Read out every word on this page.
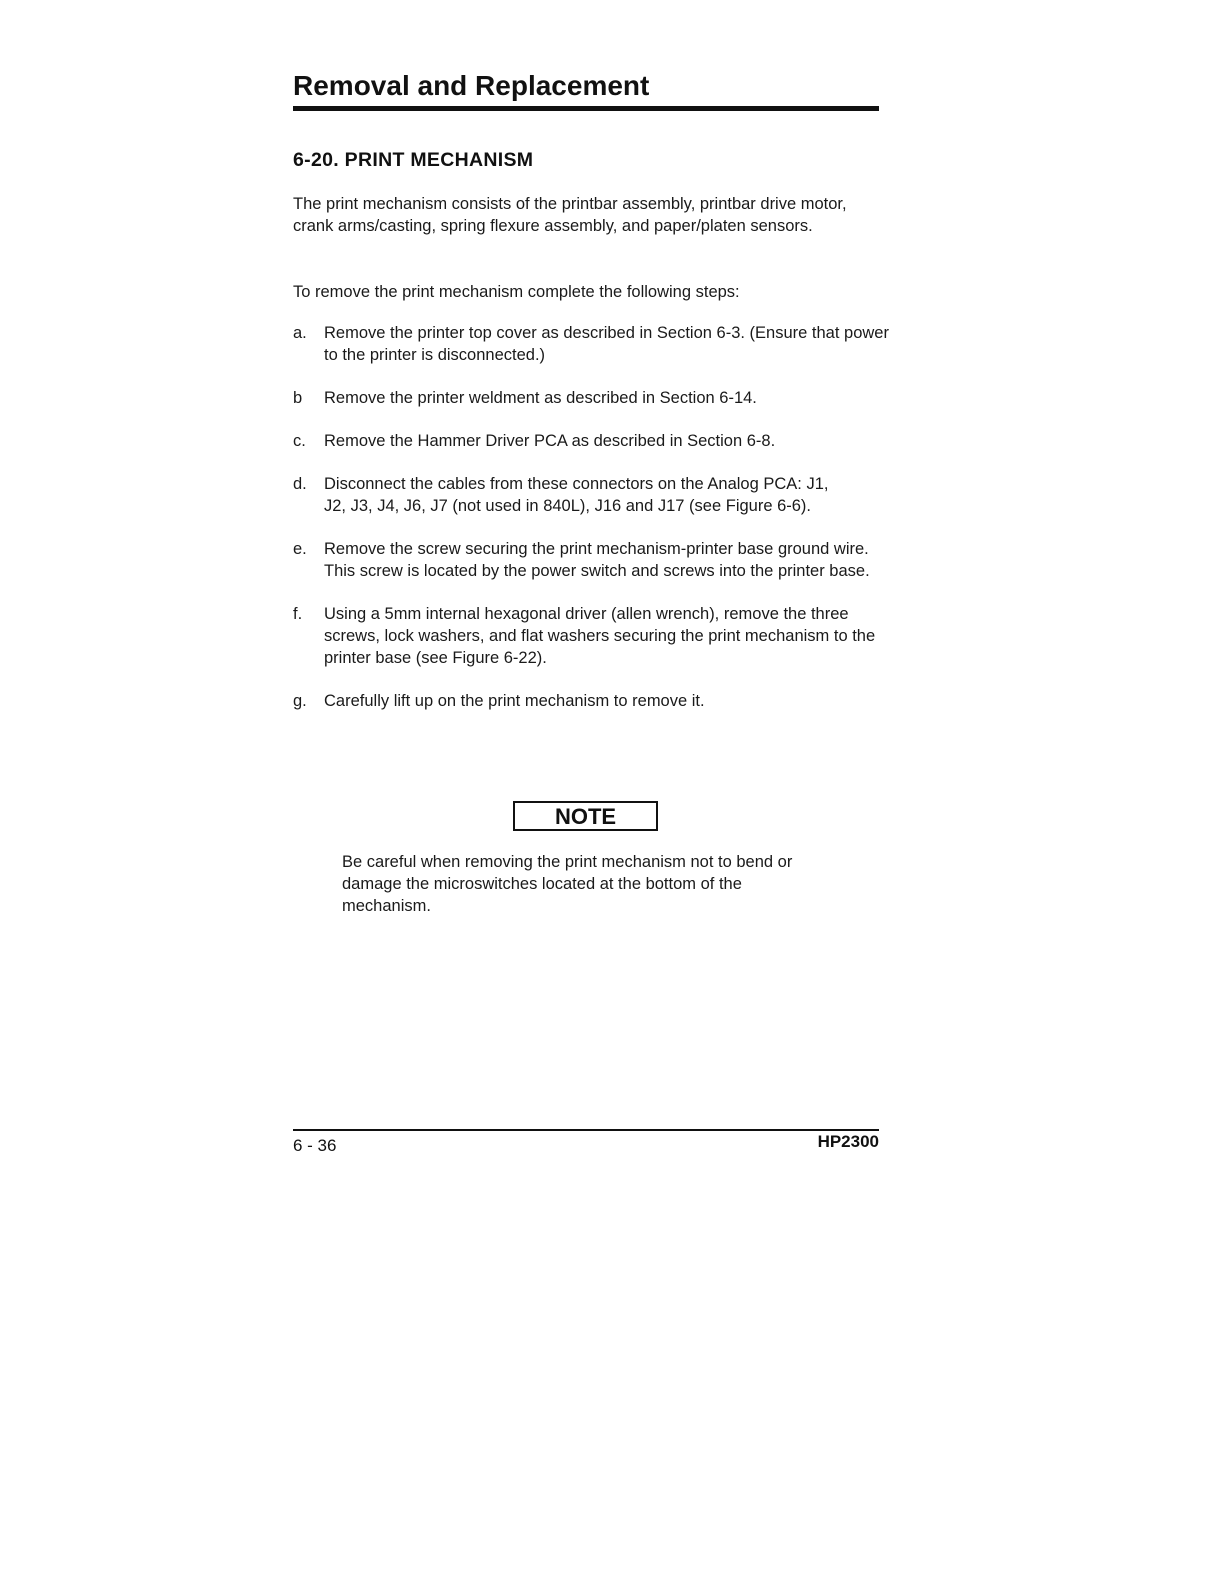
Removal and Replacement
6-20. PRINT MECHANISM

The print mechanism consists of the printbar assembly, printbar drive motor, crank arms/casting, spring flexure assembly, and paper/platen sensors.

To remove the print mechanism complete the following steps:

a.	Remove the printer top cover as described in Section 6-3. (Ensure that power to the printer is disconnected.)
b	Remove the printer weldment as described in Section 6-14.
c.	Remove the Hammer Driver PCA as described in Section 6-8.
d.	Disconnect the cables from these connectors on the Analog PCA: J1, J2, J3, J4, J6, J7 (not used in 840L), J16 and J17 (see Figure 6-6).
e.	Remove the screw securing the print mechanism-printer base ground wire. This screw is located by the power switch and screws into the printer base.
f.	Using a 5mm internal hexagonal driver (allen wrench), remove the three screws, lock washers, and flat washers securing the print mechanism to the printer base (see Figure 6-22).
g.	Carefully lift up on the print mechanism to remove it.
NOTE

Be careful when removing the print mechanism not to bend or damage the microswitches located at the bottom of the mechanism.

6 - 36	HP2300
